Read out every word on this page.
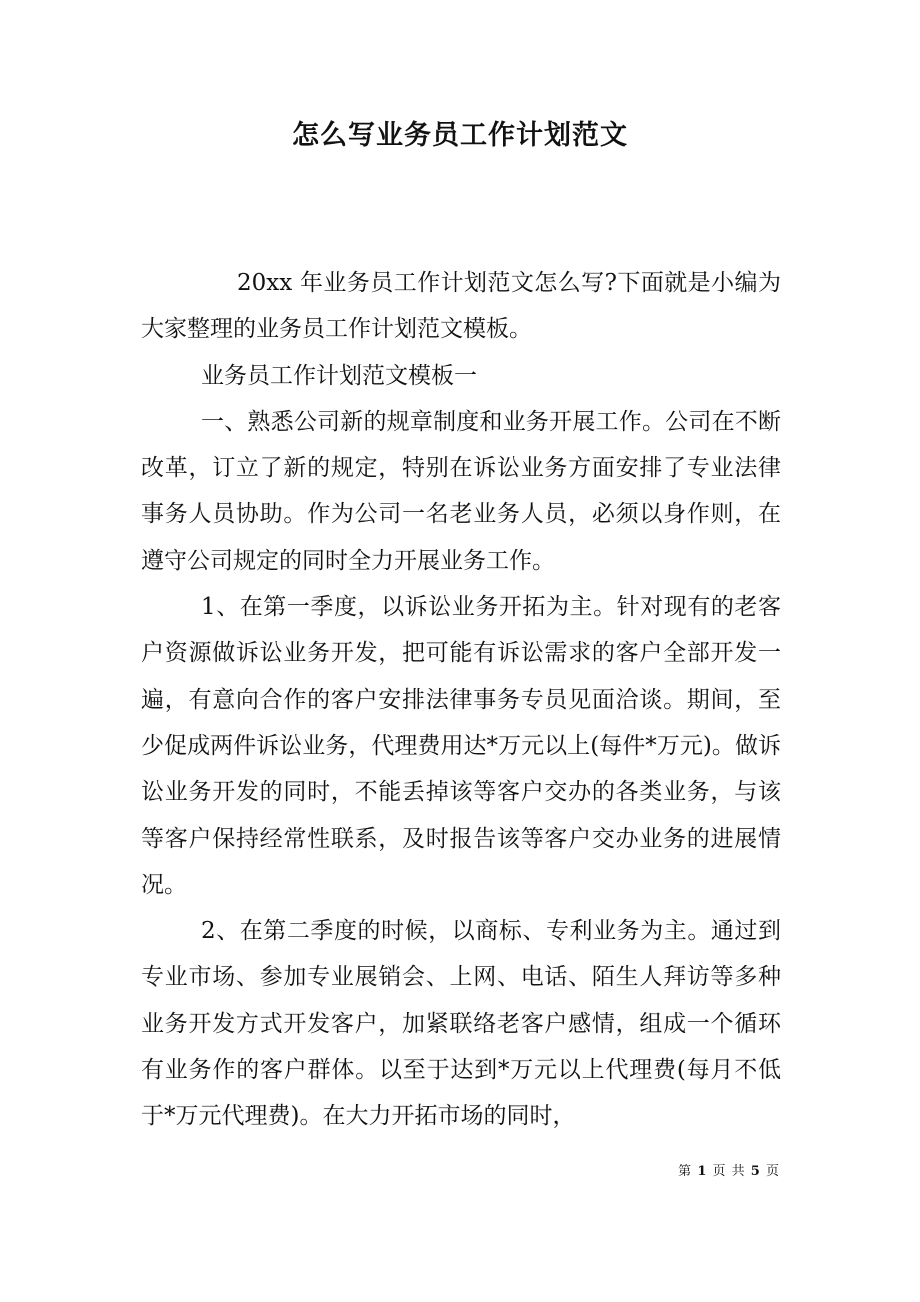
怎么写业务员工作计划范文

20xx 年业务员工作计划范文怎么写?下面就是小编为大家整理的业务员工作计划范文模板。

业务员工作计划范文模板一

一、熟悉公司新的规章制度和业务开展工作。公司在不断改革，订立了新的规定，特别在诉讼业务方面安排了专业法律事务人员协助。作为公司一名老业务人员，必须以身作则，在遵守公司规定的同时全力开展业务工作。

1、在第一季度，以诉讼业务开拓为主。针对现有的老客户资源做诉讼业务开发，把可能有诉讼需求的客户全部开发一遍，有意向合作的客户安排法律事务专员见面洽谈。期间，至少促成两件诉讼业务，代理费用达*万元以上(每件*万元)。做诉讼业务开发的同时，不能丢掉该等客户交办的各类业务，与该等客户保持经常性联系，及时报告该等客户交办业务的进展情况。

2、在第二季度的时候，以商标、专利业务为主。通过到专业市场、参加专业展销会、上网、电话、陌生人拜访等多种业务开发方式开发客户，加紧联络老客户感情，组成一个循环有业务作的客户群体。以至于达到*万元以上代理费(每月不低于*万元代理费)。在大力开拓市场的同时，

第 1 页 共 5 页
